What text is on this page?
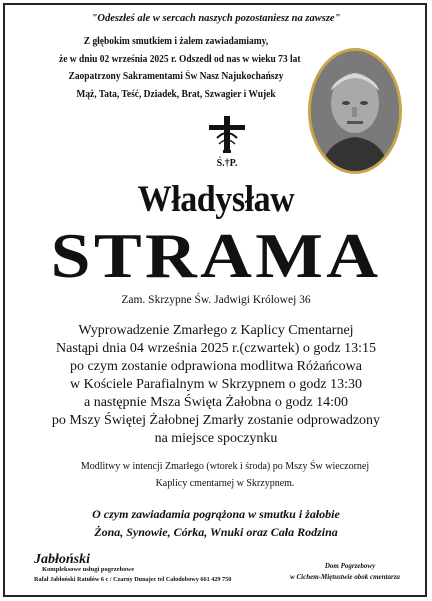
"Odeszłeś ale w sercach naszych pozostaniesz na zawsze"
Z głębokim smutkiem i żalem zawiadamiamy,
że w dniu 02 września 2025 r. Odszedł od nas w wieku 73 lat
Zaopatrzony Sakramentami Św Nasz Najukochańszy
Mąż, Tata, Teść, Dziadek, Brat, Szwagier i Wujek
Ś.†P.
Władysław
STRAMA
Zam. Skrzypne Św. Jadwigi Królowej 36
Wyprowadzenie Zmarłego z Kaplicy Cmentarnej
Nastąpi dnia 04 września 2025 r.(czwartek) o godz 13:15
po czym zostanie odprawiona modlitwa Różańcowa
w Kościele Parafialnym w Skrzypnem o godz 13:30
a następnie Msza Święta Żałobna o godz 14:00
po Mszy Świętej Żałobnej Zmarły zostanie odprowadzony
na miejsce spoczynku
Modlitwy w intencji Zmarłego (wtorek i środa) po Mszy Św wieczornej
Kaplicy cmentarnej w Skrzypnem.
O czym zawiadamia pogrążona w smutku i żałobie
Żona, Synowie, Córka, Wnuki oraz Cała Rodzina
Jabłoński
Kompleksowe usługi pogrzebowe
Rafał Jabłoński Ratułów 6 c / Czarny Dunajec tel Całodobowy 661 429 750
Dom Pogrzebowy
w Cichem-Miętustwie obok cmentarza
